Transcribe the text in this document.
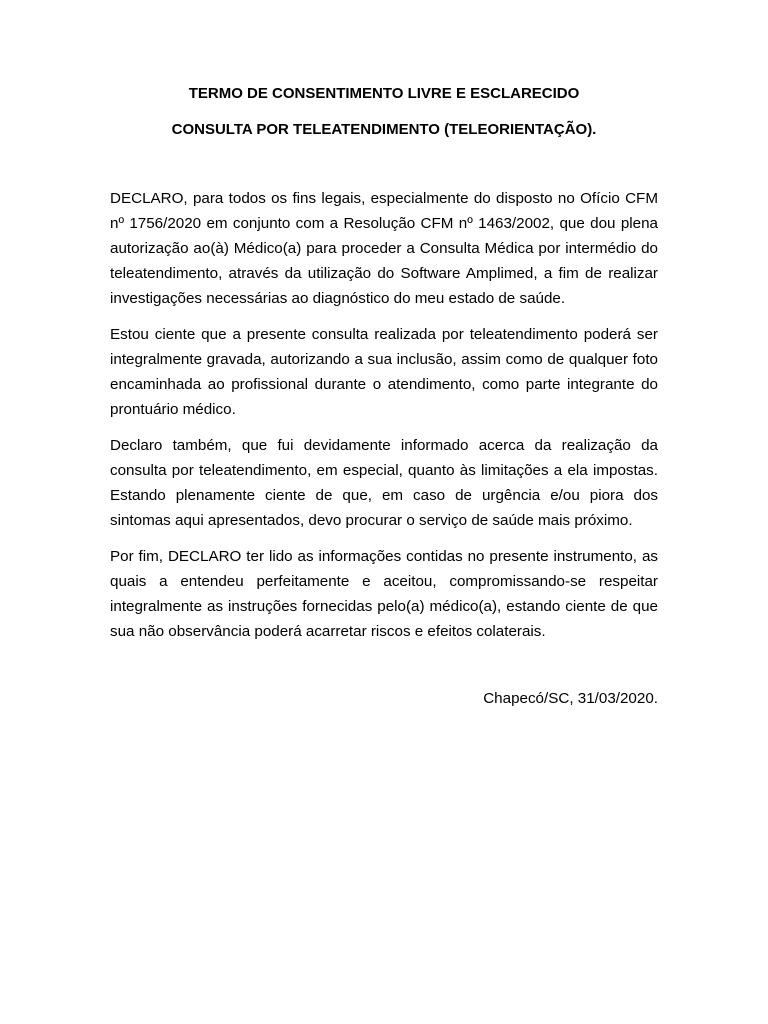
TERMO DE CONSENTIMENTO LIVRE E ESCLARECIDO
CONSULTA POR TELEATENDIMENTO (TELEORIENTAÇÃO).

DECLARO, para todos os fins legais, especialmente do disposto no Ofício CFM nº 1756/2020 em conjunto com a Resolução CFM nº 1463/2002, que dou plena autorização ao(à) Médico(a) para proceder a Consulta Médica por intermédio do teleatendimento, através da utilização do Software Amplimed, a fim de realizar investigações necessárias ao diagnóstico do meu estado de saúde.

Estou ciente que a presente consulta realizada por teleatendimento poderá ser integralmente gravada, autorizando a sua inclusão, assim como de qualquer foto encaminhada ao profissional durante o atendimento, como parte integrante do prontuário médico.

Declaro também, que fui devidamente informado acerca da realização da consulta por teleatendimento, em especial, quanto às limitações a ela impostas. Estando plenamente ciente de que, em caso de urgência e/ou piora dos sintomas aqui apresentados, devo procurar o serviço de saúde mais próximo.

Por fim, DECLARO ter lido as informações contidas no presente instrumento, as quais a entendeu perfeitamente e aceitou, compromissando-se respeitar integralmente as instruções fornecidas pelo(a) médico(a), estando ciente de que sua não observância poderá acarretar riscos e efeitos colaterais.

Chapecó/SC, 31/03/2020.
